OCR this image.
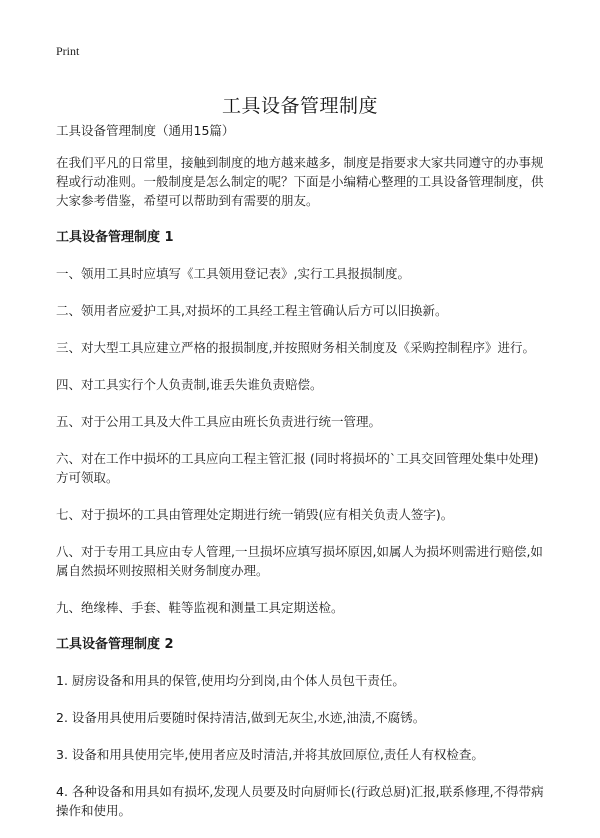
Print
工具设备管理制度

工具设备管理制度（通用15篇）

在我们平凡的日常里，接触到制度的地方越来越多，制度是指要求大家共同遵守的办事规程或行动准则。一般制度是怎么制定的呢？下面是小编精心整理的工具设备管理制度，供大家参考借鉴，希望可以帮助到有需要的朋友。

工具设备管理制度 1

一、领用工具时应填写《工具领用登记表》,实行工具报损制度。

二、领用者应爱护工具,对损坏的工具经工程主管确认后方可以旧换新。

三、对大型工具应建立严格的报损制度,并按照财务相关制度及《采购控制程序》进行。

四、对工具实行个人负责制,谁丢失谁负责赔偿。

五、对于公用工具及大件工具应由班长负责进行统一管理。

六、对在工作中损坏的工具应向工程主管汇报 (同时将损坏的`工具交回管理处集中处理)方可领取。

七、对于损坏的工具由管理处定期进行统一销毁(应有相关负责人签字)。

八、对于专用工具应由专人管理,一旦损坏应填写损坏原因,如属人为损坏则需进行赔偿,如属自然损坏则按照相关财务制度办理。

九、绝缘棒、手套、鞋等监视和测量工具定期送检。

工具设备管理制度 2

1. 厨房设备和用具的保管,使用均分到岗,由个体人员包干责任。

2. 设备用具使用后要随时保持清洁,做到无灰尘,水迹,油渍,不腐锈。

3. 设备和用具使用完毕,使用者应及时清洁,并将其放回原位,责任人有权检查。

4. 各种设备和用具如有损坏,发现人员要及时向厨师长(行政总厨)汇报,联系修理,不得带病操作和使用。
